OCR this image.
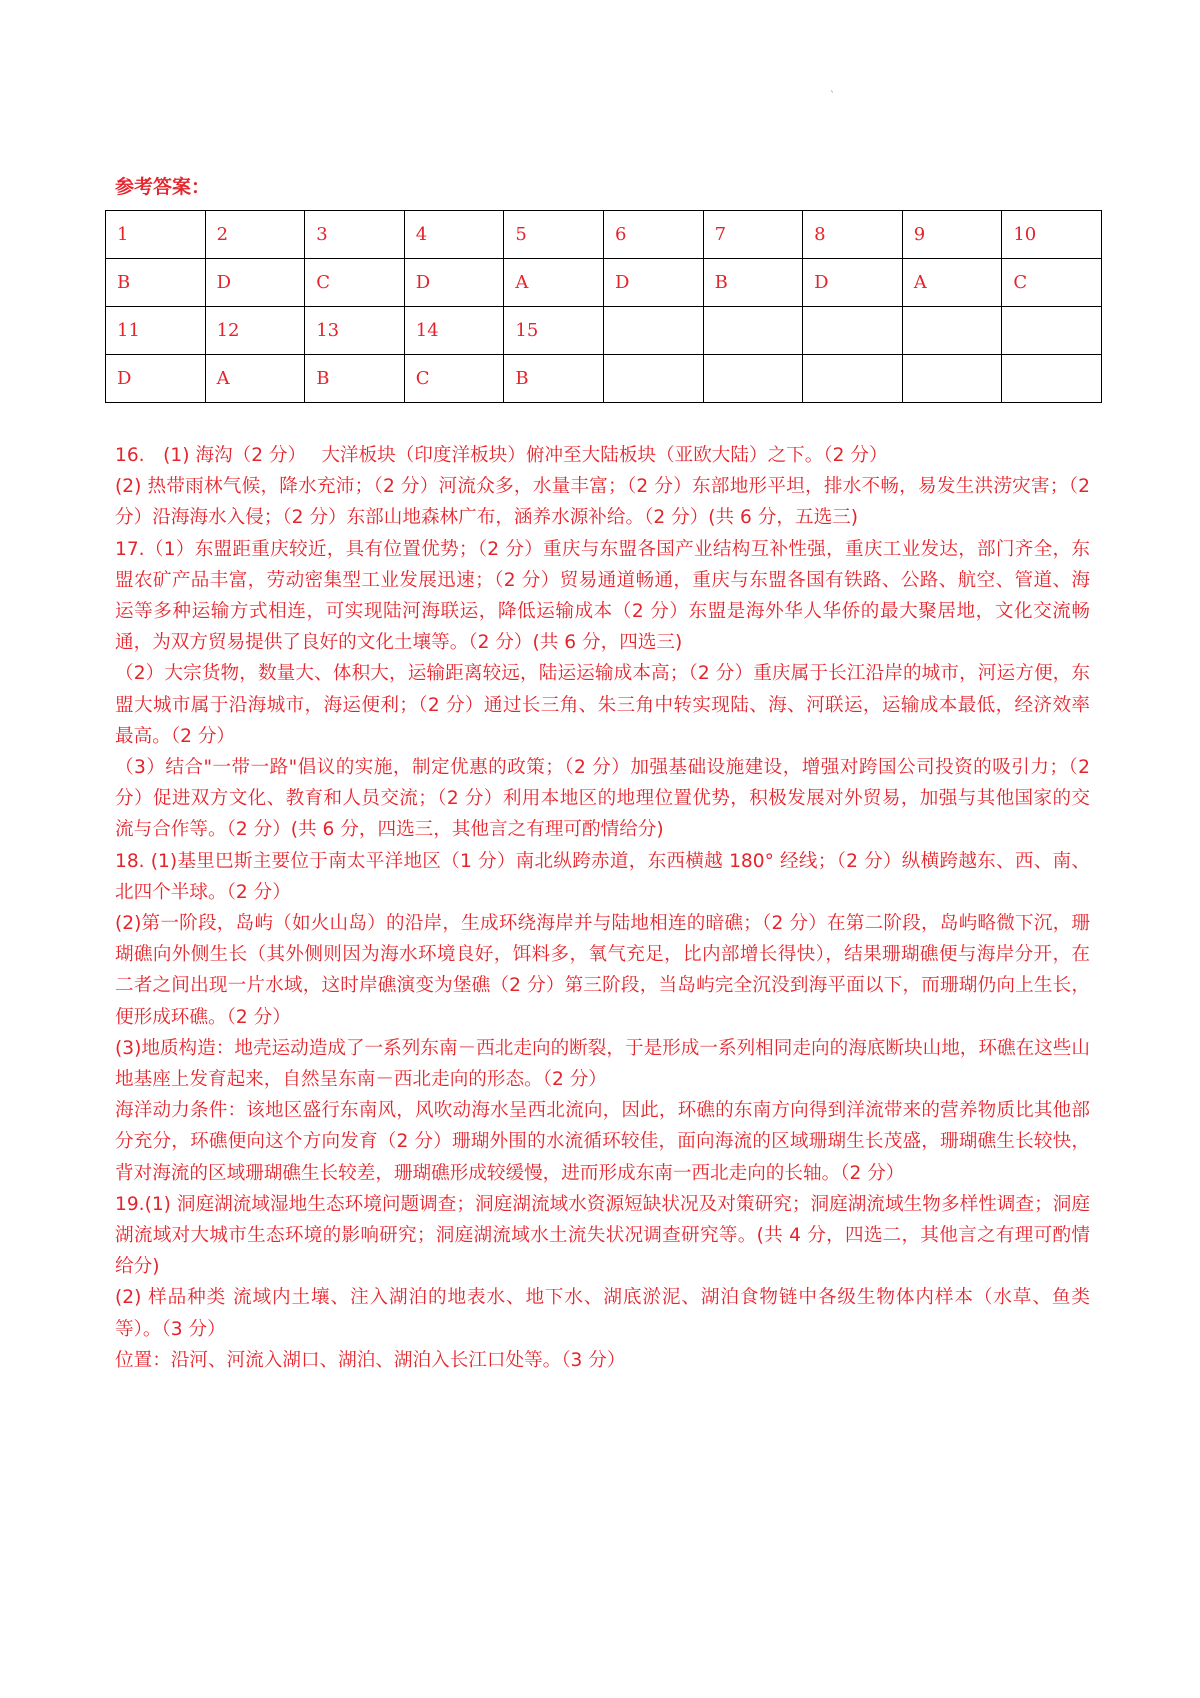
`
参考答案：
1	2	3	4	5	6	7	8	9	10
B	D	C	D	A	D	B	D	A	C
11	12	13	14	15					
D	A	B	C	B					

16.　(1) 海沟（2 分）　 大洋板块（印度洋板块）俯冲至大陆板块（亚欧大陆）之下。（2 分）

(2) 热带雨林气候，降水充沛；（2 分）河流众多，水量丰富；（2 分）东部地形平坦，排水不畅，易发生洪涝灾害；（2 分）沿海海水入侵；（2 分）东部山地森林广布，涵养水源补给。（2 分）(共 6 分，五选三)

17.（1）东盟距重庆较近，具有位置优势；（2 分）重庆与东盟各国产业结构互补性强，重庆工业发达，部门齐全，东盟农矿产品丰富，劳动密集型工业发展迅速；（2 分）贸易通道畅通，重庆与东盟各国有铁路、公路、航空、管道、海运等多种运输方式相连，可实现陆河海联运，降低运输成本（2 分）东盟是海外华人华侨的最大聚居地，文化交流畅通，为双方贸易提供了良好的文化土壤等。（2 分）(共 6 分，四选三)

（2）大宗货物，数量大、体积大，运输距离较远，陆运运输成本高；（2 分）重庆属于长江沿岸的城市，河运方便，东盟大城市属于沿海城市，海运便利；（2 分）通过长三角、朱三角中转实现陆、海、河联运，运输成本最低，经济效率最高。（2 分）

（3）结合"一带一路"倡议的实施，制定优惠的政策；（2 分）加强基础设施建设，增强对跨国公司投资的吸引力；（2 分）促进双方文化、教育和人员交流；（2 分）利用本地区的地理位置优势，积极发展对外贸易，加强与其他国家的交流与合作等。（2 分）(共 6 分，四选三，其他言之有理可酌情给分)

18. (1)基里巴斯主要位于南太平洋地区（1 分）南北纵跨赤道，东西横越 180° 经线；（2 分）纵横跨越东、西、南、北四个半球。（2 分）

(2)第一阶段，岛屿（如火山岛）的沿岸，生成环绕海岸并与陆地相连的暗礁；（2 分）在第二阶段，岛屿略微下沉，珊瑚礁向外侧生长（其外侧则因为海水环境良好，饵料多，氧气充足，比内部增长得快），结果珊瑚礁便与海岸分开，在二者之间出现一片水域，这时岸礁演变为堡礁（2 分）第三阶段，当岛屿完全沉没到海平面以下，而珊瑚仍向上生长，便形成环礁。（2 分）

(3)地质构造：地壳运动造成了一系列东南－西北走向的断裂，于是形成一系列相同走向的海底断块山地，环礁在这些山地基座上发育起来，自然呈东南－西北走向的形态。（2 分）

海洋动力条件：该地区盛行东南风，风吹动海水呈西北流向，因此，环礁的东南方向得到洋流带来的营养物质比其他部分充分，环礁便向这个方向发育（2 分）珊瑚外围的水流循环较佳，面向海流的区域珊瑚生长茂盛，珊瑚礁生长较快，背对海流的区域珊瑚礁生长较差，珊瑚礁形成较缓慢，进而形成东南一西北走向的长轴。（2 分）

19.(1) 洞庭湖流域湿地生态环境问题调查；洞庭湖流域水资源短缺状况及对策研究；洞庭湖流域生物多样性调查；洞庭湖流域对大城市生态环境的影响研究；洞庭湖流域水土流失状况调查研究等。(共 4 分，四选二，其他言之有理可酌情给分)

(2) 样品种类 流域内土壤、注入湖泊的地表水、地下水、湖底淤泥、湖泊食物链中各级生物体内样本（水草、鱼类等）。（3 分）

位置：沿河、河流入湖口、湖泊、湖泊入长江口处等。（3 分）
